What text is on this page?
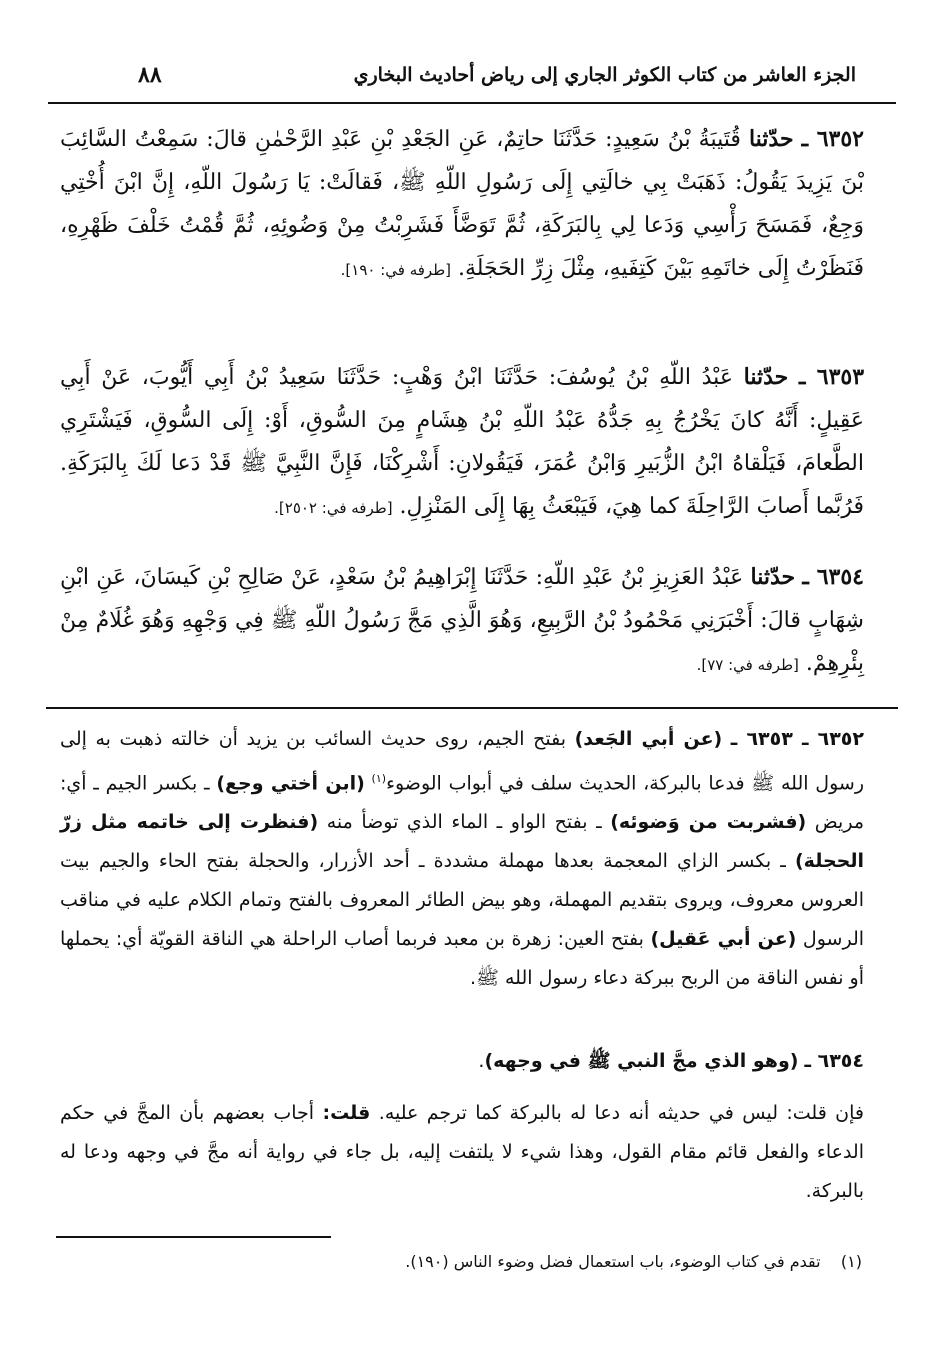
الجزء العاشر من كتاب الكوثر الجاري إلى رياض أحاديث البخاري
٨٨

٦٣٥٢ ـ حدّثنا قُتَيبَةُ بْنُ سَعِيدٍ: حَدَّثَنَا حاتِمٌ، عَنِ الجَعْدِ بْنِ عَبْدِ الرَّحْمٰنِ قالَ: سَمِعْتُ السَّائِبَ بْنَ يَزِيدَ يَقُولُ: ذَهَبَتْ بِي خالَتِي إِلَى رَسُولِ اللّهِ ﷺ، فَقالَتْ: يَا رَسُولَ اللّهِ، إِنَّ ابْنَ أُخْتِي وَجِعٌ، فَمَسَحَ رَأْسِي وَدَعا لِي بِالبَرَكَةِ، ثُمَّ تَوَضَّأَ فَشَرِبْتُ مِنْ وَضُوئِهِ، ثُمَّ قُمْتُ خَلْفَ ظَهْرِهِ، فَنَظَرْتُ إِلَى خاتَمِهِ بَيْنَ كَتِفَيهِ، مِثْلَ زِرِّ الحَجَلَةِ. [طرفه في: ١٩٠].

٦٣٥٣ ـ حدّثنا عَبْدُ اللّهِ بْنُ يُوسُفَ: حَدَّثَنَا ابْنُ وَهْبٍ: حَدَّثَنَا سَعِيدُ بْنُ أَبِي أَيُّوبَ، عَنْ أَبِي عَقِيلٍ: أَنَّهُ كانَ يَخْرُجُ بِهِ جَدُّهُ عَبْدُ اللّهِ بْنُ هِشَامٍ مِنَ السُّوقِ، أَوْ: إِلَى السُّوقِ، فَيَشْتَرِي الطَّعامَ، فَيَلْقاهُ ابْنُ الزُّبَيرِ وَابْنُ عُمَرَ، فَيَقُولانِ: أَشْرِكْنَا، فَإِنَّ النَّبِيَّ ﷺ قَدْ دَعا لَكَ بِالبَرَكَةِ. فَرُبَّما أَصابَ الرَّاحِلَةَ كما هِيَ، فَيَبْعَثُ بِهَا إِلَى المَنْزِلِ. [طرفه في: ٢٥٠٢].

٦٣٥٤ ـ حدّثنا عَبْدُ العَزِيزِ بْنُ عَبْدِ اللّهِ: حَدَّثَنَا إِبْرَاهِيمُ بْنُ سَعْدٍ، عَنْ صَالِحِ بْنِ كَيسَانَ، عَنِ ابْنِ شِهَابٍ قالَ: أَخْبَرَنِي مَحْمُودُ بْنُ الرَّبِيعِ، وَهُوَ الَّذِي مَجَّ رَسُولُ اللّهِ ﷺ فِي وَجْهِهِ وَهُوَ غُلَامٌ مِنْ بِئْرِهِمْ. [طرفه في: ٧٧].

٦٣٥٢ ـ ٦٣٥٣ ـ (عن أبي الجَعد) بفتح الجيم، روى حديث السائب بن يزيد أن خالته ذهبت به إلى رسول الله ﷺ فدعا بالبركة، الحديث سلف في أبواب الوضوء$^{(١)}$ (ابن أختي وجع) ـ بكسر الجيم ـ أي: مريض (فشربت من وَضوئه) ـ بفتح الواو ـ الماء الذي توضأ منه (فنظرت إلى خاتمه مثل زرّ الحجلة) ـ بكسر الزاي المعجمة بعدها مهملة مشددة ـ أحد الأزرار، والحجلة بفتح الحاء والجيم بيت العروس معروف، ويروى بتقديم المهملة، وهو بيض الطائر المعروف بالفتح وتمام الكلام عليه في مناقب الرسول (عن أبي عَقيل) بفتح العين: زهرة بن معبد فربما أصاب الراحلة هي الناقة القويّة أي: يحملها أو نفس الناقة من الربح ببركة دعاء رسول الله ﷺ.

٦٣٥٤ ـ (وهو الذي مجَّ النبي ﷺ في وجهه).

فإن قلت: ليس في حديثه أنه دعا له بالبركة كما ترجم عليه. قلت: أجاب بعضهم بأن المجَّ في حكم الدعاء والفعل قائم مقام القول، وهذا شيء لا يلتفت إليه، بل جاء في رواية أنه مجَّ في وجهه ودعا له بالبركة.

(١)    تقدم في كتاب الوضوء، باب استعمال فضل وضوء الناس (١٩٠).
